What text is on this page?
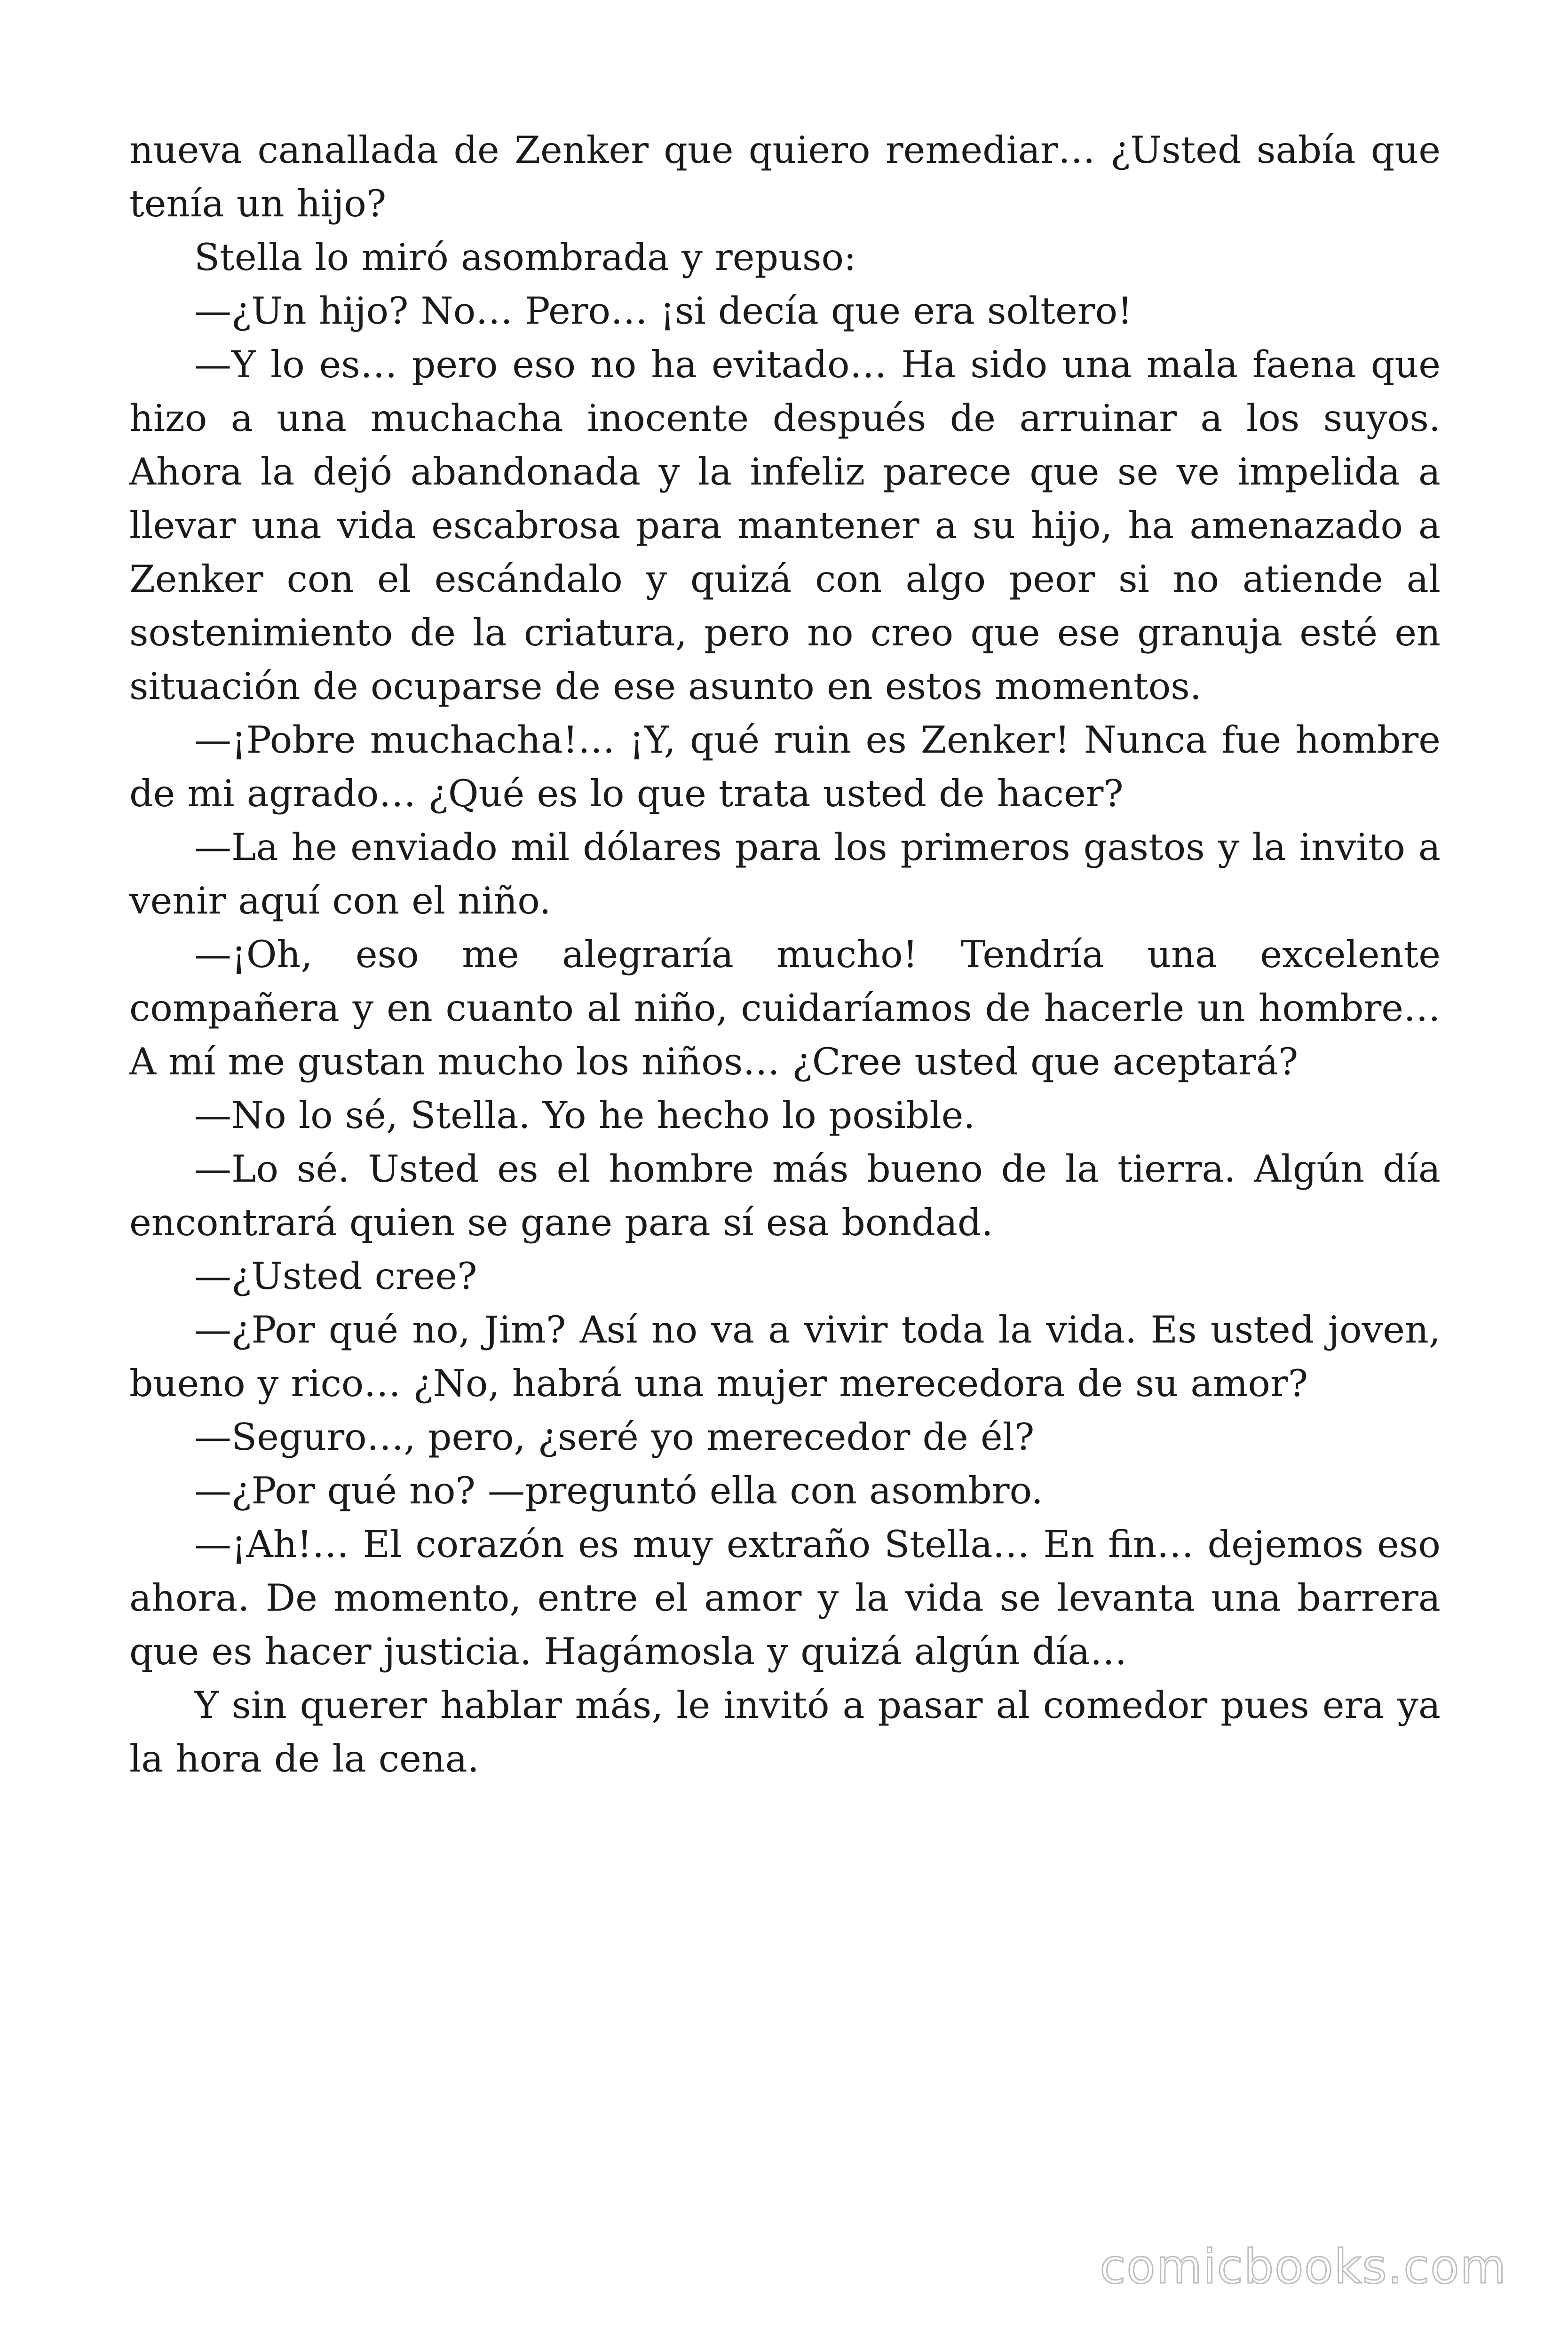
nueva canallada de Zenker que quiero remediar… ¿Usted sabía que tenía un hijo?

Stella lo miró asombrada y repuso:

—¿Un hijo? No… Pero… ¡si decía que era soltero!

—Y lo es… pero eso no ha evitado… Ha sido una mala faena que hizo a una muchacha inocente después de arruinar a los suyos. Ahora la dejó abandonada y la infeliz parece que se ve impelida a llevar una vida escabrosa para mantener a su hijo, ha amenazado a Zenker con el escándalo y quizá con algo peor si no atiende al sostenimiento de la criatura, pero no creo que ese granuja esté en situación de ocuparse de ese asunto en estos momentos.

—¡Pobre muchacha!… ¡Y, qué ruin es Zenker! Nunca fue hombre de mi agrado… ¿Qué es lo que trata usted de hacer?

—La he enviado mil dólares para los primeros gastos y la invito a venir aquí con el niño.

—¡Oh, eso me alegraría mucho! Tendría una excelente compañera y en cuanto al niño, cuidaríamos de hacerle un hombre… A mí me gustan mucho los niños… ¿Cree usted que aceptará?

—No lo sé, Stella. Yo he hecho lo posible.

—Lo sé. Usted es el hombre más bueno de la tierra. Algún día encontrará quien se gane para sí esa bondad.

—¿Usted cree?

—¿Por qué no, Jim? Así no va a vivir toda la vida. Es usted joven, bueno y rico… ¿No, habrá una mujer merecedora de su amor?

—Seguro…, pero, ¿seré yo merecedor de él?

—¿Por qué no? —preguntó ella con asombro.

—¡Ah!… El corazón es muy extraño Stella… En fin… dejemos eso ahora. De momento, entre el amor y la vida se levanta una barrera que es hacer justicia. Hagámosla y quizá algún día…

Y sin querer hablar más, le invitó a pasar al comedor pues era ya la hora de la cena.

comicbooks.com
